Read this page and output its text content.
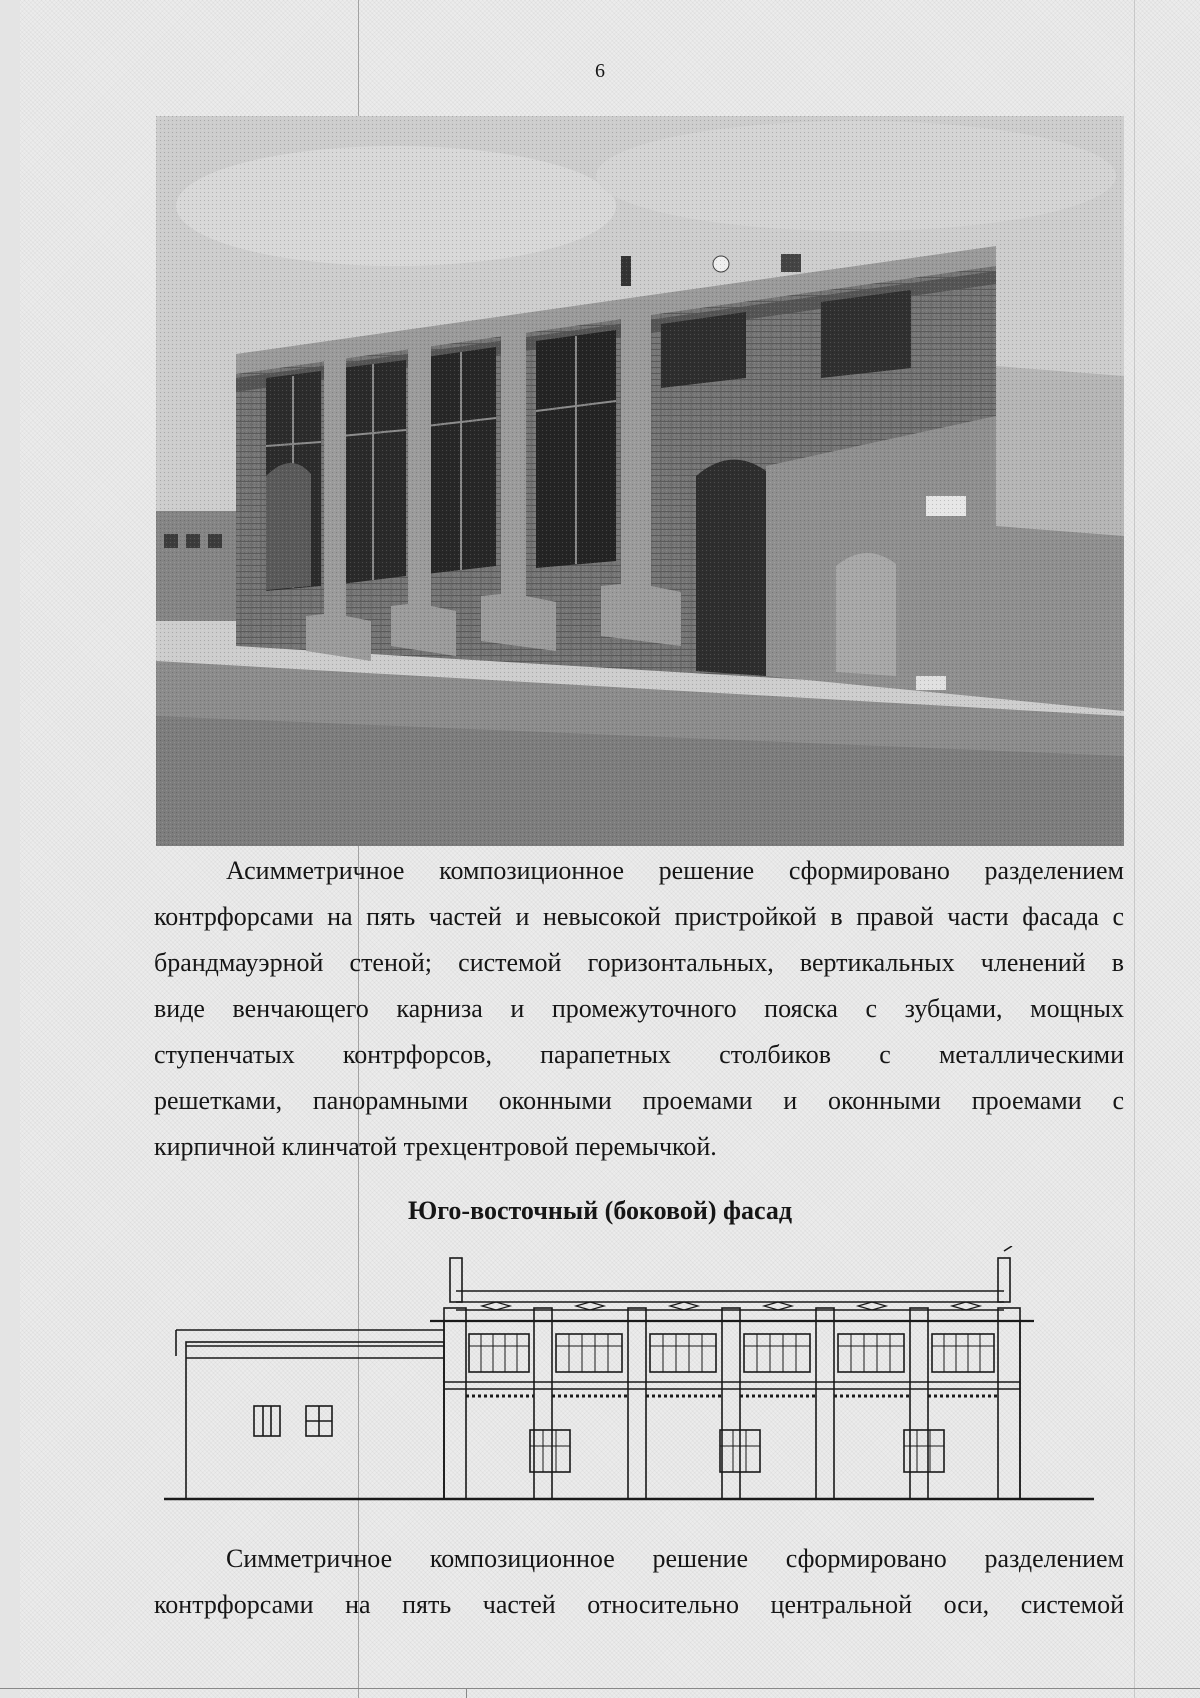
6
Асимметричное композиционное решение сформировано разделением
контрфорсами на пять частей и невысокой пристройкой в правой части фасада с
брандмауэрной стеной; системой горизонтальных, вертикальных членений в
виде венчающего карниза и промежуточного пояска с зубцами, мощных
ступенчатых контрфорсов, парапетных столбиков с металлическими
решетками, панорамными оконными проемами и оконными проемами с
кирпичной клинчатой трехцентровой перемычкой.
Юго-восточный (боковой) фасад
Симметричное композиционное решение сформировано разделением
контрфорсами на пять частей относительно центральной оси, системой
